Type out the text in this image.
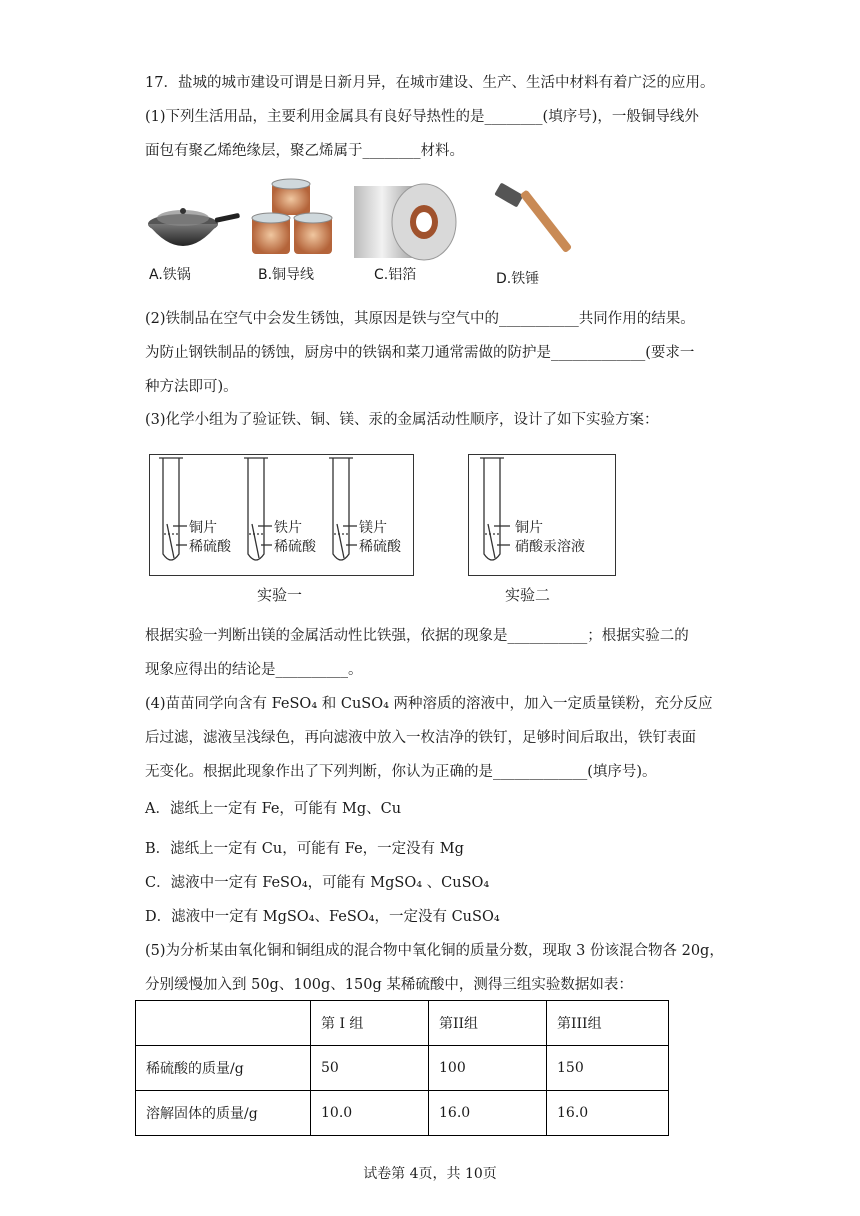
17．盐城的城市建设可谓是日新月异，在城市建设、生产、生活中材料有着广泛的应用。
(1)下列生活用品，主要利用金属具有良好导热性的是________(填序号)，一般铜导线外
面包有聚乙烯绝缘层，聚乙烯属于________材料。
A.铁锅	B.铜导线	C.铝箔	D.铁锤
(2)铁制品在空气中会发生锈蚀，其原因是铁与空气中的___________共同作用的结果。
为防止钢铁制品的锈蚀，厨房中的铁锅和菜刀通常需做的防护是_____________(要求一
种方法即可)。
(3)化学小组为了验证铁、铜、镁、汞的金属活动性顺序，设计了如下实验方案：
铜片
稀硫酸
铁片
稀硫酸
镁片
稀硫酸
实验一
铜片
硝酸汞溶液
实验二
根据实验一判断出镁的金属活动性比铁强，依据的现象是___________；根据实验二的
现象应得出的结论是__________。
(4)苗苗同学向含有 FeSO₄ 和 CuSO₄ 两种溶质的溶液中，加入一定质量镁粉，充分反应
后过滤，滤液呈浅绿色，再向滤液中放入一枚洁净的铁钉，足够时间后取出，铁钉表面
无变化。根据此现象作出了下列判断，你认为正确的是_____________(填序号)。
A．滤纸上一定有 Fe，可能有 Mg、Cu
B．滤纸上一定有 Cu，可能有 Fe，一定没有 Mg
C．滤液中一定有 FeSO₄，可能有 MgSO₄ 、CuSO₄
D．滤液中一定有 MgSO₄、FeSO₄，一定没有 CuSO₄
(5)为分析某由氧化铜和铜组成的混合物中氧化铜的质量分数，现取 3 份该混合物各 20g，
分别缓慢加入到 50g、100g、150g 某稀硫酸中，测得三组实验数据如表：
	第 I 组	第II组	第III组
稀硫酸的质量/g	50	100	150
溶解固体的质量/g	10.0	16.0	16.0
试卷第 4页，共 10页
